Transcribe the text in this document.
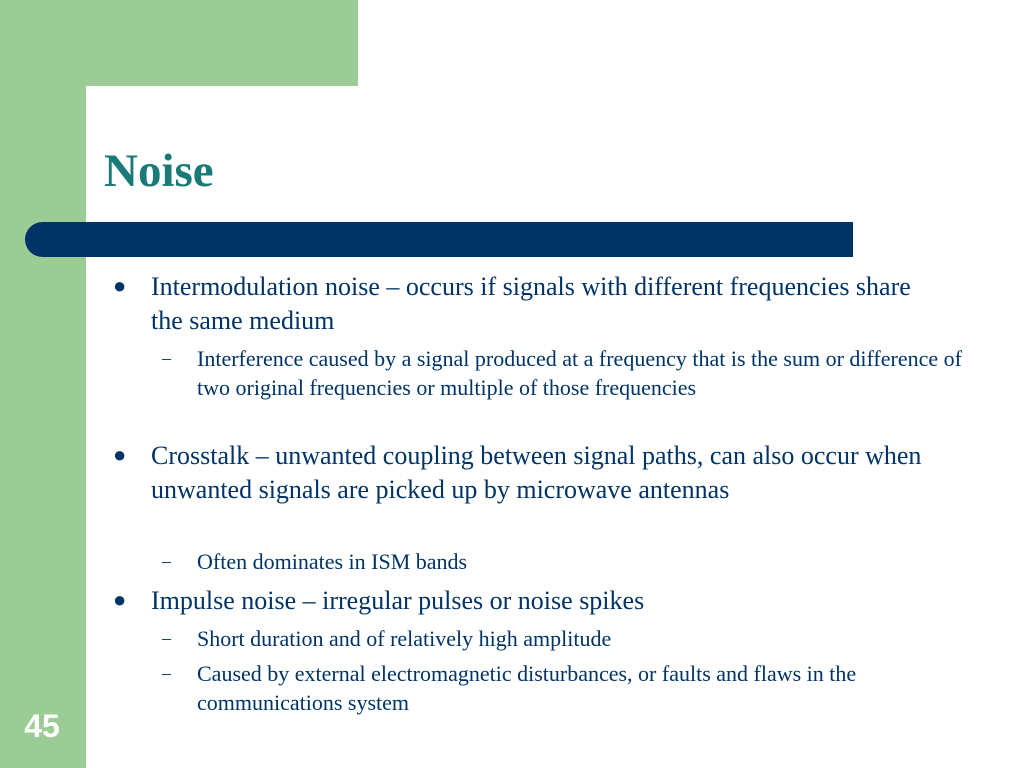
Noise
45
● Intermodulation noise – occurs if signals with different frequencies share the same medium
– Interference caused by a signal produced at a frequency that is the sum or difference of two original frequencies or multiple of those frequencies
● Crosstalk – unwanted coupling between signal paths, can also occur when unwanted signals are picked up by microwave antennas
– Often dominates in ISM bands
● Impulse noise – irregular pulses or noise spikes
– Short duration and of relatively high amplitude
– Caused by external electromagnetic disturbances, or faults and flaws in the communications system
